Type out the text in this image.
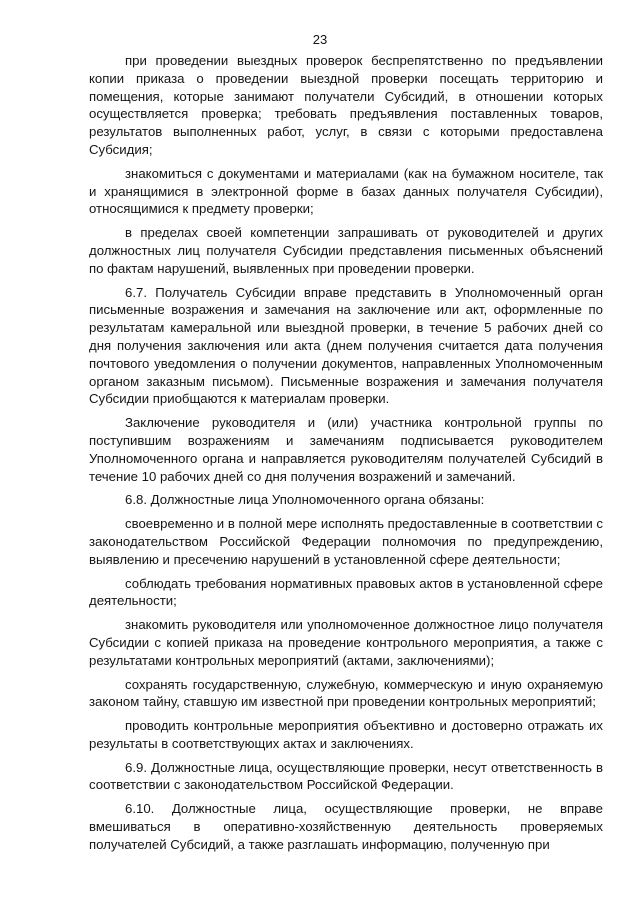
23

при проведении выездных проверок беспрепятственно по предъявлении копии приказа о проведении выездной проверки посещать территорию и помещения, которые занимают получатели Субсидий, в отношении которых осуществляется проверка; требовать предъявления поставленных товаров, результатов выполненных работ, услуг, в связи с которыми предоставлена Субсидия;

знакомиться с документами и материалами (как на бумажном носителе, так и хранящимися в электронной форме в базах данных получателя Субсидии), относящимися к предмету проверки;

в пределах своей компетенции запрашивать от руководителей и других должностных лиц получателя Субсидии представления письменных объяснений по фактам нарушений, выявленных при проведении проверки.

6.7. Получатель Субсидии вправе представить в Уполномоченный орган письменные возражения и замечания на заключение или акт, оформленные по результатам камеральной или выездной проверки, в течение 5 рабочих дней со дня получения заключения или акта (днем получения считается дата получения почтового уведомления о получении документов, направленных Уполномоченным органом заказным письмом). Письменные возражения и замечания получателя Субсидии приобщаются к материалам проверки.

Заключение руководителя и (или) участника контрольной группы по поступившим возражениям и замечаниям подписывается руководителем Уполномоченного органа и направляется руководителям получателей Субсидий в течение 10 рабочих дней со дня получения возражений и замечаний.

6.8. Должностные лица Уполномоченного органа обязаны:

своевременно и в полной мере исполнять предоставленные в соответствии с законодательством Российской Федерации полномочия по предупреждению, выявлению и пресечению нарушений в установленной сфере деятельности;

соблюдать требования нормативных правовых актов в установленной сфере деятельности;

знакомить руководителя или уполномоченное должностное лицо получателя Субсидии с копией приказа на проведение контрольного мероприятия, а также с результатами контрольных мероприятий (актами, заключениями);

сохранять государственную, служебную, коммерческую и иную охраняемую законом тайну, ставшую им известной при проведении контрольных мероприятий;

проводить контрольные мероприятия объективно и достоверно отражать их результаты в соответствующих актах и заключениях.

6.9. Должностные лица, осуществляющие проверки, несут ответственность в соответствии с законодательством Российской Федерации.

6.10. Должностные лица, осуществляющие проверки, не вправе вмешиваться в оперативно-хозяйственную деятельность проверяемых получателей Субсидий, а также разглашать информацию, полученную при
